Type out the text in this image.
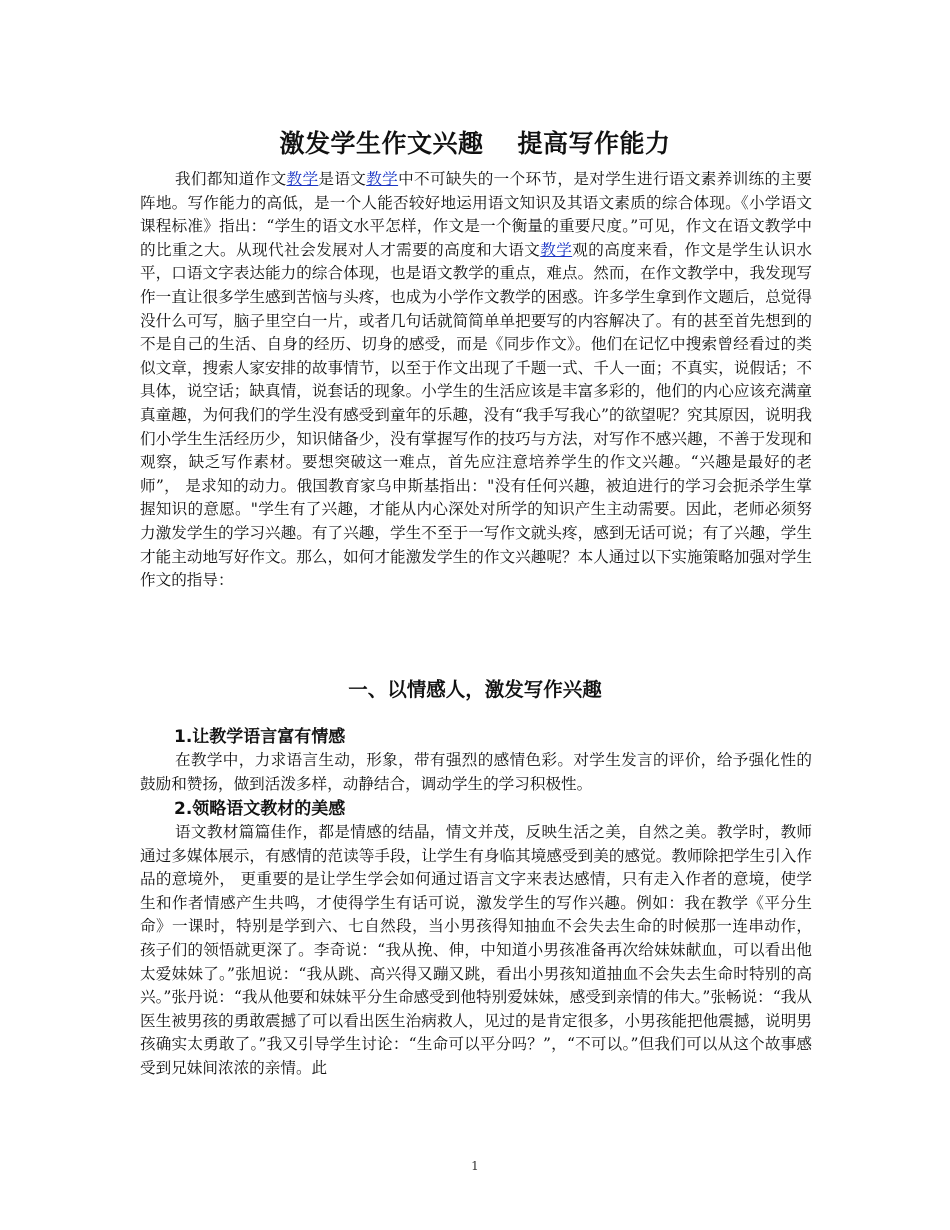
激发学生作文兴趣 提高写作能力

我们都知道作文教学是语文教学中不可缺失的一个环节，是对学生进行语文素养训练的主要阵地。写作能力的高低，是一个人能否较好地运用语文知识及其语文素质的综合体现。《小学语文课程标准》指出：“学生的语文水平怎样，作文是一个衡量的重要尺度。”可见，作文在语文教学中的比重之大。从现代社会发展对人才需要的高度和大语文教学观的高度来看，作文是学生认识水平，口语文字表达能力的综合体现，也是语文教学的重点，难点。然而，在作文教学中，我发现写作一直让很多学生感到苦恼与头疼，也成为小学作文教学的困惑。许多学生拿到作文题后，总觉得没什么可写，脑子里空白一片，或者几句话就简简单单把要写的内容解决了。有的甚至首先想到的不是自己的生活、自身的经历、切身的感受，而是《同步作文》。他们在记忆中搜索曾经看过的类似文章，搜索人家安排的故事情节，以至于作文出现了千题一式、千人一面；不真实，说假话；不具体，说空话；缺真情，说套话的现象。小学生的生活应该是丰富多彩的，他们的内心应该充满童真童趣，为何我们的学生没有感受到童年的乐趣，没有“我手写我心”的欲望呢？究其原因，说明我们小学生生活经历少，知识储备少，没有掌握写作的技巧与方法，对写作不感兴趣，不善于发现和观察，缺乏写作素材。要想突破这一难点，首先应注意培养学生的作文兴趣。“兴趣是最好的老师”， 是求知的动力。俄国教育家乌申斯基指出："没有任何兴趣，被迫进行的学习会扼杀学生掌握知识的意愿。"学生有了兴趣，才能从内心深处对所学的知识产生主动需要。因此，老师必须努力激发学生的学习兴趣。有了兴趣，学生不至于一写作文就头疼，感到无话可说；有了兴趣，学生才能主动地写好作文。那么，如何才能激发学生的作文兴趣呢？本人通过以下实施策略加强对学生作文的指导：

一、以情感人，激发写作兴趣
1.让教学语言富有情感

在教学中，力求语言生动，形象，带有强烈的感情色彩。对学生发言的评价，给予强化性的鼓励和赞扬，做到活泼多样，动静结合，调动学生的学习积极性。

2.领略语文教材的美感

语文教材篇篇佳作，都是情感的结晶，情文并茂，反映生活之美，自然之美。教学时，教师通过多媒体展示，有感情的范读等手段，让学生有身临其境感受到美的感觉。教师除把学生引入作品的意境外， 更重要的是让学生学会如何通过语言文字来表达感情，只有走入作者的意境，使学生和作者情感产生共鸣，才使得学生有话可说，激发学生的写作兴趣。例如：我在教学《平分生命》一课时，特别是学到六、七自然段，当小男孩得知抽血不会失去生命的时候那一连串动作， 孩子们的领悟就更深了。李奇说：“我从挽、伸，中知道小男孩准备再次给妹妹献血，可以看出他太爱妹妹了。”张旭说：“我从跳、高兴得又蹦又跳，看出小男孩知道抽血不会失去生命时特别的高兴。”张丹说：“我从他要和妹妹平分生命感受到他特别爱妹妹，感受到亲情的伟大。”张畅说：“我从医生被男孩的勇敢震撼了可以看出医生治病救人，见过的是肯定很多，小男孩能把他震撼，说明男孩确实太勇敢了。”我又引导学生讨论：“生命可以平分吗？”，“不可以。”但我们可以从这个故事感受到兄妹间浓浓的亲情。此

1
